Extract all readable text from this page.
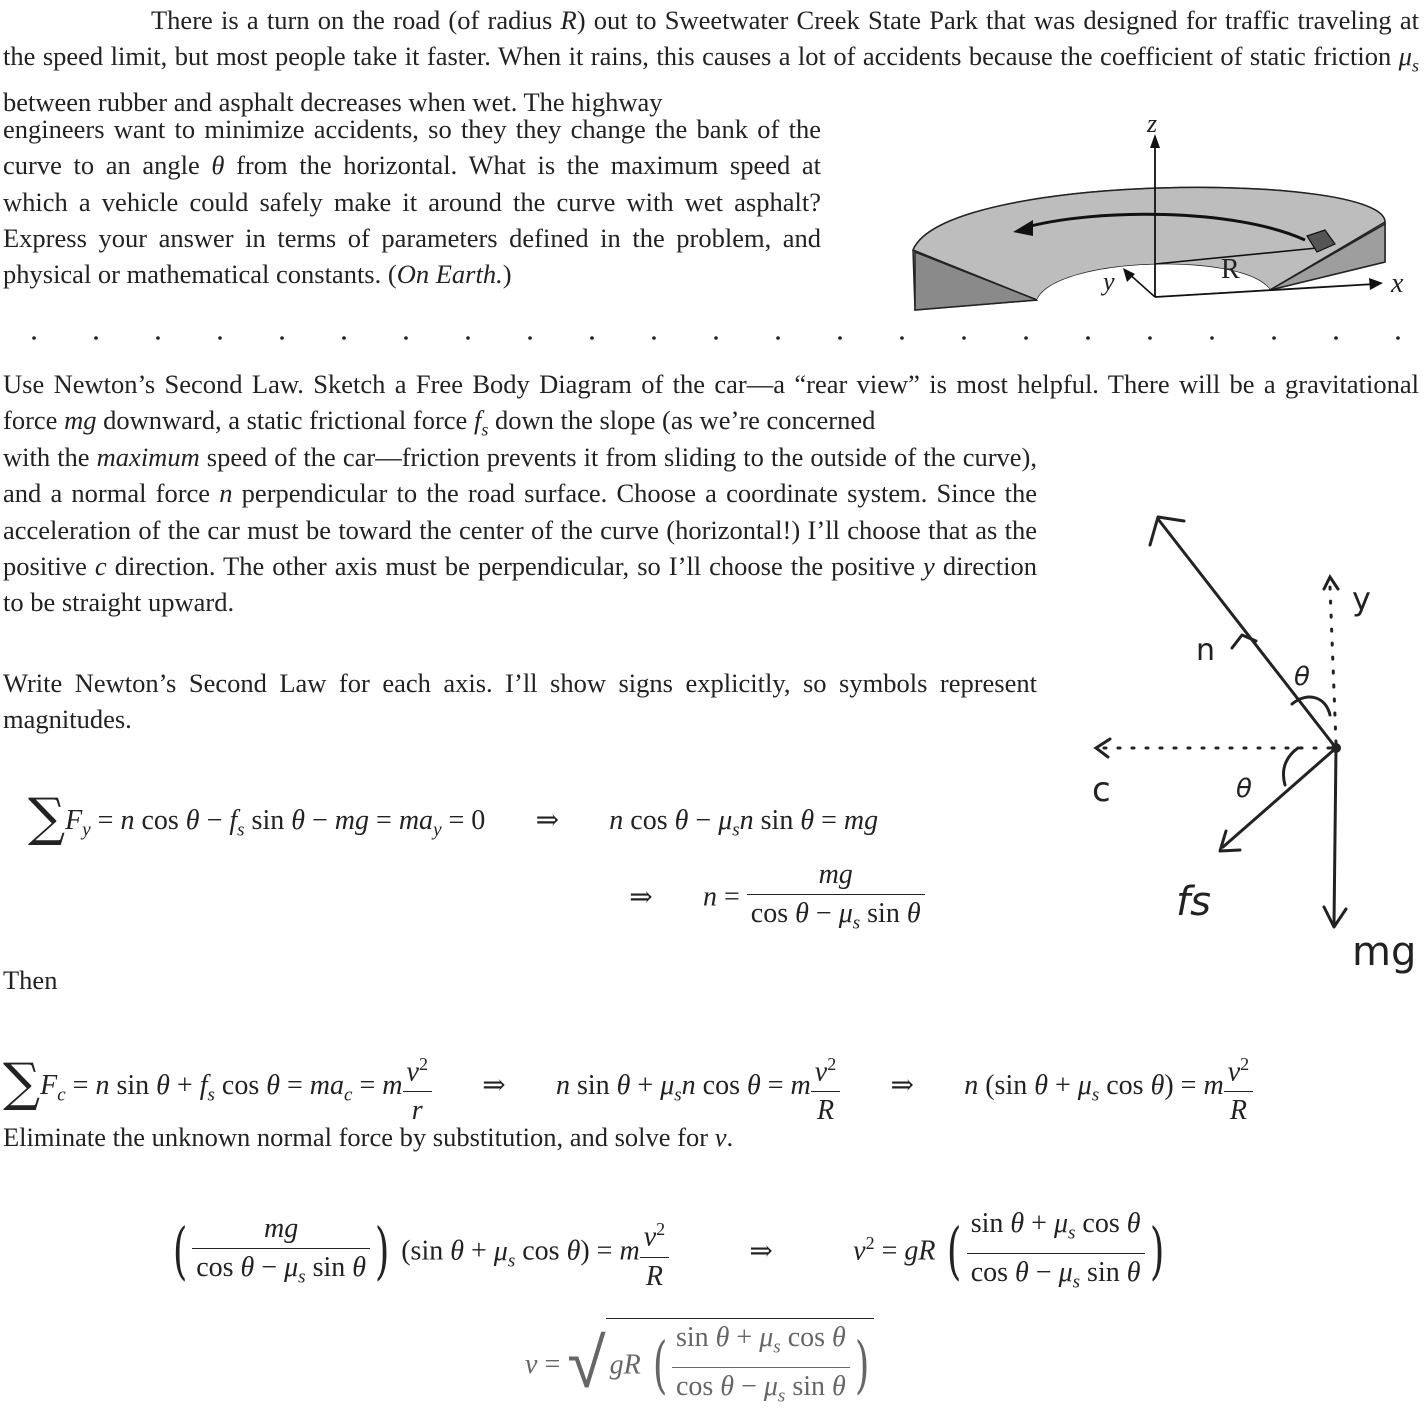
There is a turn on the road (of radius R) out to Sweetwater Creek State Park that was designed for traffic traveling at the speed limit, but most people take it faster. When it rains, this causes a lot of accidents because the coefficient of static friction $\mu_s$ between rubber and asphalt decreases when wet. The highway

engineers want to minimize accidents, so they they change the bank of the curve to an angle θ from the horizontal. What is the maximum speed at which a vehicle could safely make it around the curve with wet asphalt? Express your answer in terms of parameters defined in the problem, and physical or mathematical constants. (On Earth.)

z
R
y	x

Use Newton’s Second Law. Sketch a Free Body Diagram of the car—a “rear view” is most helpful. There will be a gravitational force mg downward, a static frictional force $f_s$ down the slope (as we’re concerned

with the maximum speed of the car—friction prevents it from sliding to the outside of the curve), and a normal force n perpendicular to the road surface. Choose a coordinate system. Since the acceleration of the car must be toward the center of the curve (horizontal!) I’ll choose that as the positive c direction. The other axis must be perpendicular, so I’ll choose the positive y direction to be straight upward.

Write Newton’s Second Law for each axis. I’ll show signs explicitly, so symbols represent magnitudes.

$\sum F_y = n$ $\cos \theta - f_s$ sin θ − mg = $ma_y = 0$ ⇒ n $\cos \theta - \mu_sn$ sin θ = mg
⇒ $n = \frac{mg}{\cos \theta - \mu_s \sin \theta}$

Then

$\sum F_c = n$ $\sin \theta + f_s$ $\cos \theta = ma_c = m \frac{v^2}{r}$ ⇒ n $\sin \theta + \mu_sn$ cos θ = m $\frac{v^2}{R}$ ⇒ n (sin $\theta + \mu_s$ cos θ) = m $\frac{v^2}{R}$

Eliminate the unknown normal force by substitution, and solve for v.

( $\frac{mg}{\cos \theta - \mu_s \sin \theta}$ ) (sin $\theta + \mu_s$ cos θ) = m $\frac{v^2}{R}$	⇒	$v^2$ = gR ( $\frac{\sin \theta + \mu_s \cos \theta}{\cos \theta - \mu_s \sin \theta}$ )
v = √ gR ( $\frac{\sin \theta + \mu_s \cos \theta}{\cos \theta - \mu_s \sin \theta}$ )
n
y
θ
c	θ
fs
mg
